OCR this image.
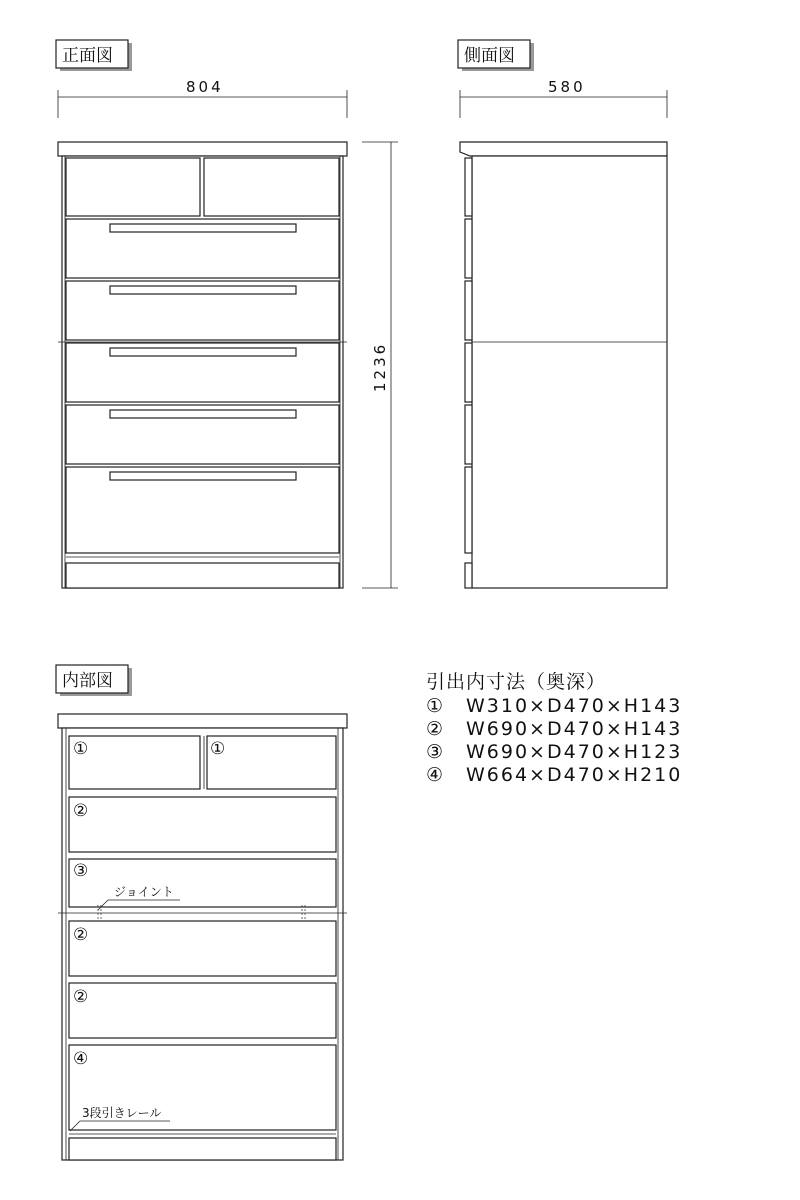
正面図
804
1236
側面図
580
内部図
①	①
②
③
②
②
④
ジョイント
3段引きレール
引出内寸法（奥深）
① W310×D470×H143
② W690×D470×H143
③ W690×D470×H123
④ W664×D470×H210
